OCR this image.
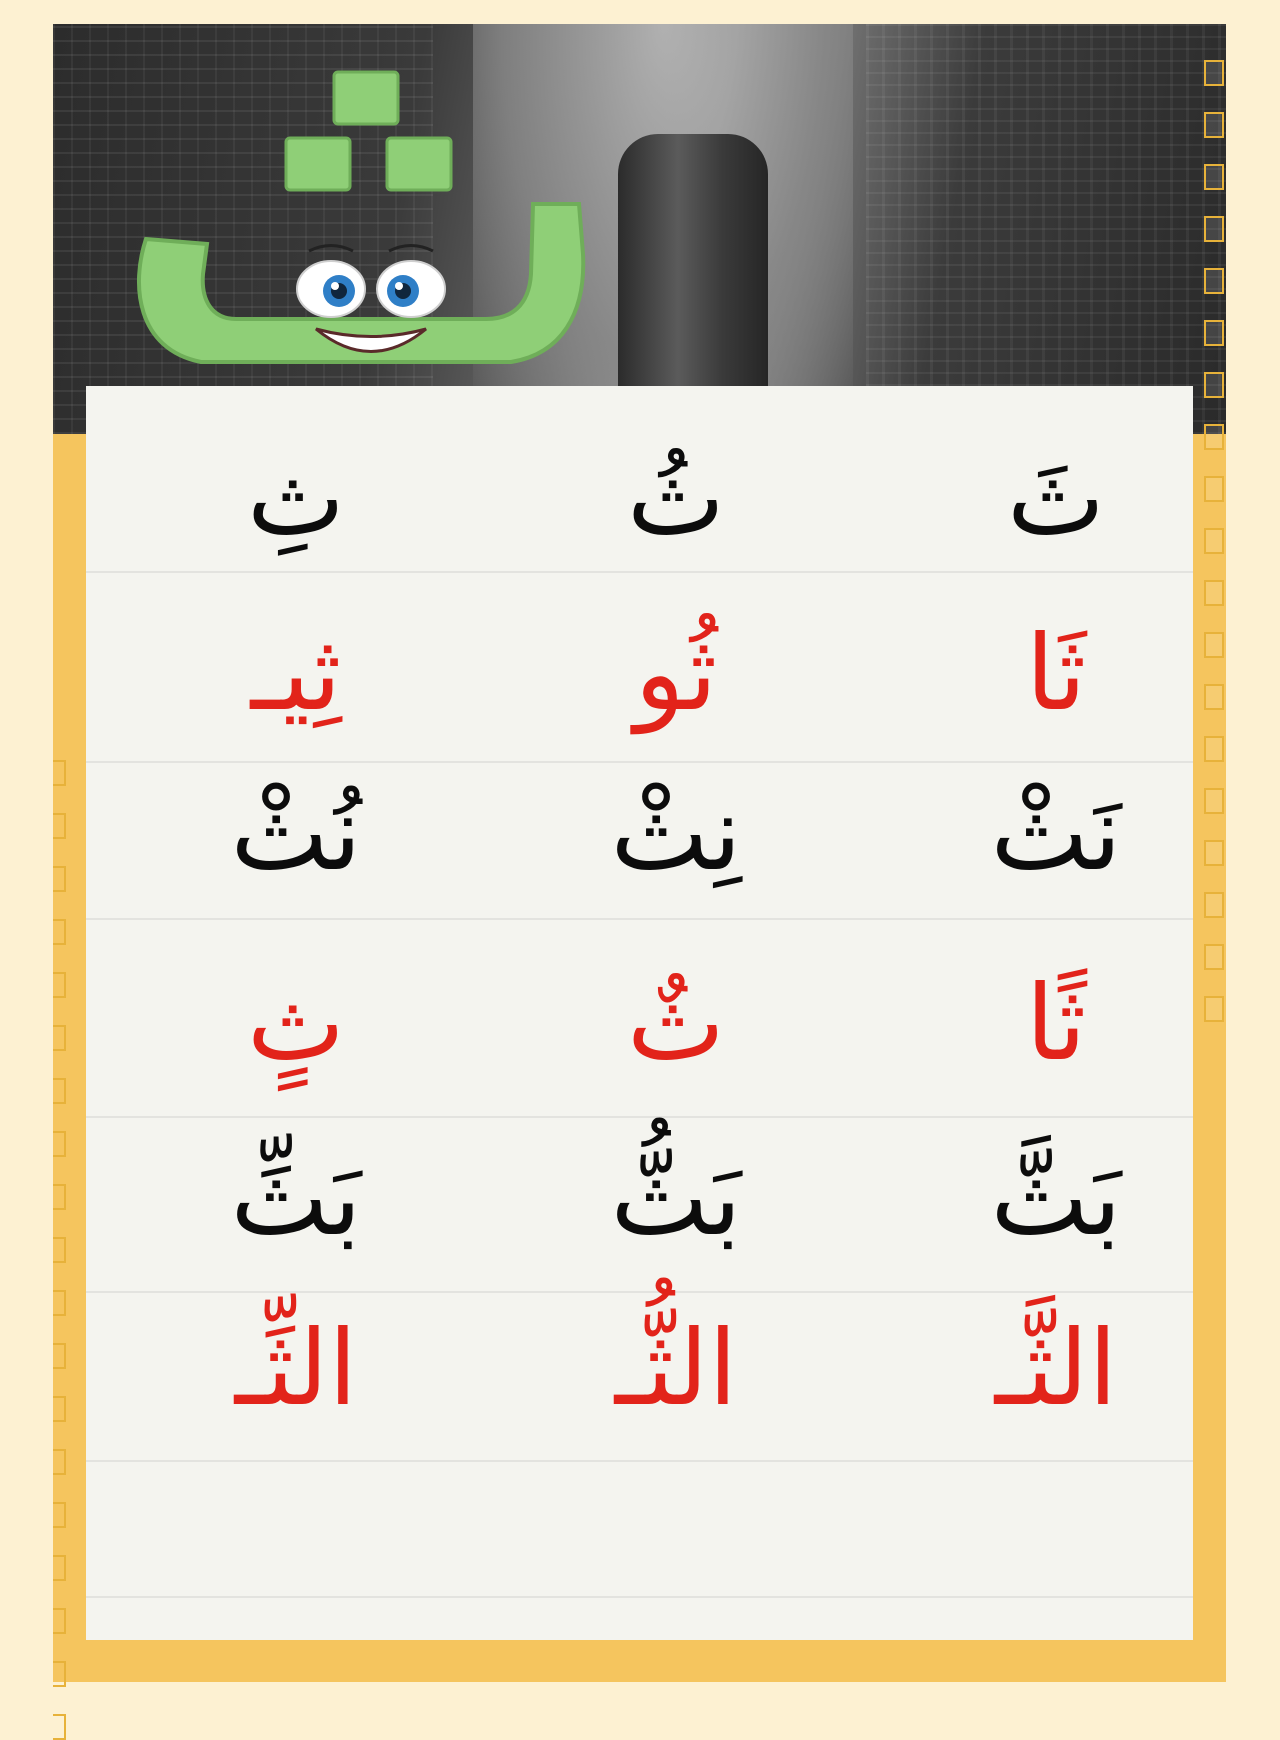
ثَ
ثُ
ثِ
ثَا
ثُو
ثِيـ
نَثْ
نِثْ
نُثْ
ثًا
ثٌ
ثٍ
بَثَّ
بَثُّ
بَثِّ
الثَّـ
الثُّـ
الثِّـ
